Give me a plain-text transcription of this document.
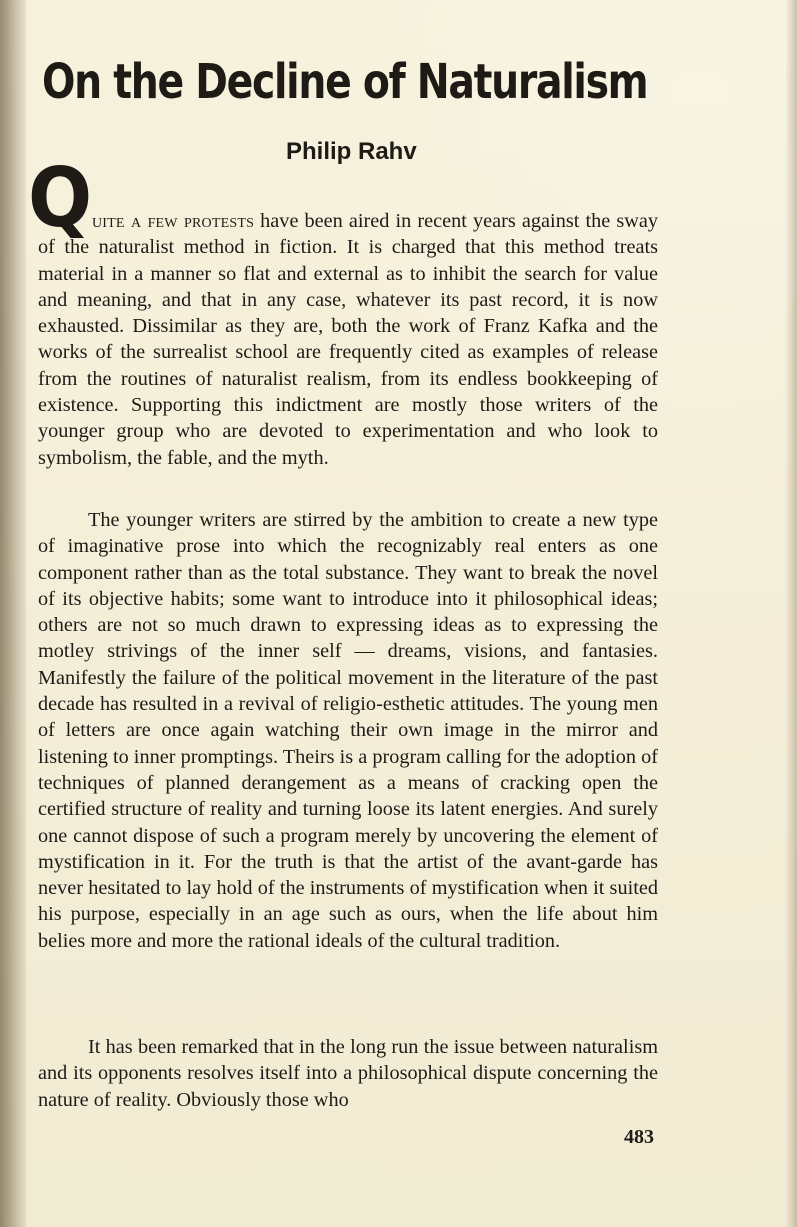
On the Decline of Naturalism
Philip Rahv
Q uite a few protests have been aired in recent years against the sway of the naturalist method in fiction. It is charged that this method treats material in a manner so flat and external as to inhibit the search for value and meaning, and that in any case, whatever its past record, it is now exhausted. Dissimilar as they are, both the work of Franz Kafka and the works of the surrealist school are frequently cited as examples of release from the routines of naturalist realism, from its endless bookkeeping of existence. Supporting this indictment are mostly those writers of the younger group who are devoted to experimentation and who look to symbolism, the fable, and the myth.

The younger writers are stirred by the ambition to create a new type of imaginative prose into which the recognizably real enters as one component rather than as the total substance. They want to break the novel of its objective habits; some want to introduce into it philosophical ideas; others are not so much drawn to expressing ideas as to expressing the motley strivings of the inner self — dreams, visions, and fantasies. Manifestly the failure of the political movement in the literature of the past decade has resulted in a revival of religio-esthetic attitudes. The young men of letters are once again watching their own image in the mirror and listening to inner promptings. Theirs is a program calling for the adoption of techniques of planned derangement as a means of cracking open the certified structure of reality and turning loose its latent energies. And surely one cannot dispose of such a program merely by uncovering the element of mystification in it. For the truth is that the artist of the avant-garde has never hesitated to lay hold of the instruments of mystification when it suited his purpose, especially in an age such as ours, when the life about him belies more and more the rational ideals of the cultural tradition.

It has been remarked that in the long run the issue between naturalism and its opponents resolves itself into a philosophical dispute concerning the nature of reality. Obviously those who

483
